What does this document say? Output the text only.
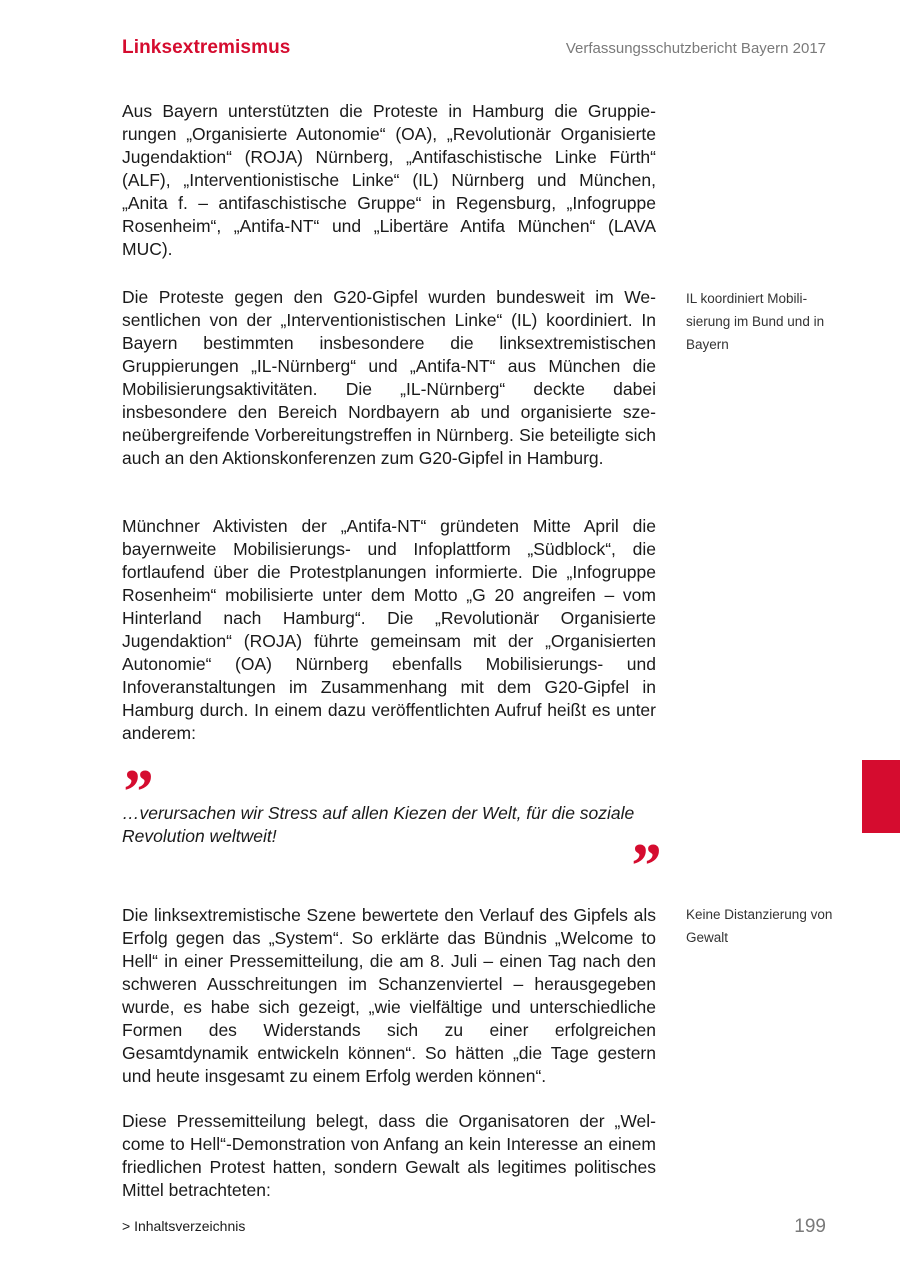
Linksextremismus	Verfassungsschutzbericht Bayern 2017

Aus Bayern unterstützten die Proteste in Hamburg die Gruppierungen „Organisierte Autonomie“ (OA), „Revolutionär Organisierte Jugendaktion“ (ROJA) Nürnberg, „Antifaschistische Linke Fürth“ (ALF), „Interventionistische Linke“ (IL) Nürnberg und München, „Anita f. – antifaschistische Gruppe“ in Regensburg, „Infogruppe Rosenheim“, „Antifa-NT“ und „Libertäre Antifa München“ (LAVA MUC).

Die Proteste gegen den G20-Gipfel wurden bundesweit im Wesentlichen von der „Interventionistischen Linke“ (IL) koordiniert. In Bayern bestimmten insbesondere die linksextremistischen Gruppierungen „IL-Nürnberg“ und „Antifa-NT“ aus München die Mobilisierungsaktivitäten. Die „IL-Nürnberg“ deckte dabei insbesondere den Bereich Nordbayern ab und organisierte szeneübergreifende Vorbereitungstreffen in Nürnberg. Sie beteiligte sich auch an den Aktionskonferenzen zum G20-Gipfel in Hamburg.

Münchner Aktivisten der „Antifa-NT“ gründeten Mitte April die bayernweite Mobilisierungs- und Infoplattform „Südblock“, die fortlaufend über die Protestplanungen informierte. Die „Infogruppe Rosenheim“ mobilisierte unter dem Motto „G 20 angreifen – vom Hinterland nach Hamburg“. Die „Revolutionär Organisierte Jugendaktion“ (ROJA) führte gemeinsam mit der „Organisierten Autonomie“ (OA) Nürnberg ebenfalls Mobilisierungs- und Infoveranstaltungen im Zusammenhang mit dem G20-Gipfel in Hamburg durch. In einem dazu veröffentlichten Aufruf heißt es unter anderem:

”

…verursachen wir Stress auf allen Kiezen der Welt, für die soziale Revolution weltweit!	”

Die linksextremistische Szene bewertete den Verlauf des Gipfels als Erfolg gegen das „System“. So erklärte das Bündnis „Welcome to Hell“ in einer Pressemitteilung, die am 8. Juli – einen Tag nach den schweren Ausschreitungen im Schanzenviertel – herausgegeben wurde, es habe sich gezeigt, „wie vielfältige und unterschiedliche Formen des Widerstands sich zu einer erfolgreichen Gesamtdynamik entwickeln können“. So hätten „die Tage gestern und heute insgesamt zu einem Erfolg werden können“.

Diese Pressemitteilung belegt, dass die Organisatoren der „Welcome to Hell“-Demonstration von Anfang an kein Interesse an einem friedlichen Protest hatten, sondern Gewalt als legitimes politisches Mittel betrachteten:

IL koordiniert Mobilisierung im Bund und in Bayern

Keine Distanzierung von Gewalt

> Inhaltsverzeichnis	199
